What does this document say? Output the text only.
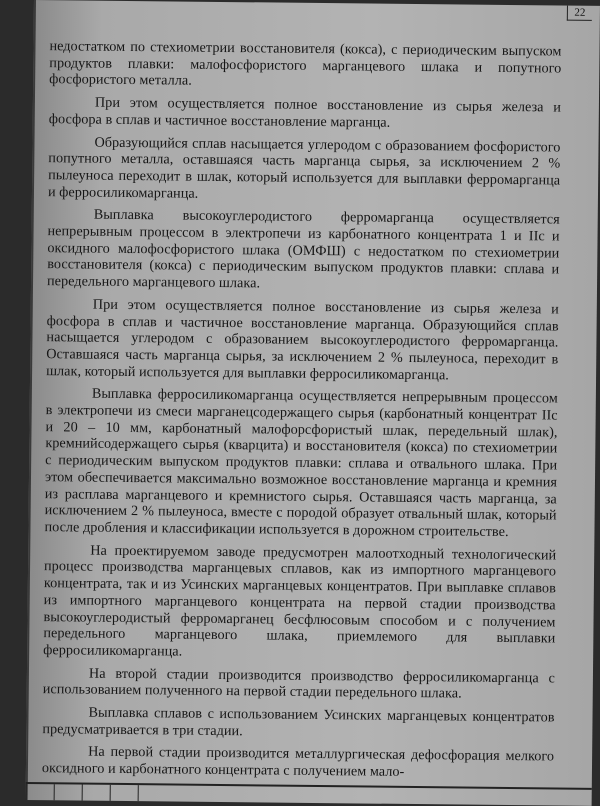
22

недостатком по стехиометрии восстановителя (кокса), с периодическим выпуском продуктов плавки: малофосфористого марганцевого шлака и попутного фосфористого металла.

При этом осуществляется полное восстановление из сырья железа и фосфора в сплав и частичное восстановление марганца.

Образующийся сплав насыщается углеродом с образованием фосфористого попутного металла, оставшаяся часть марганца сырья, за исключением 2 % пылеуноса переходит в шлак, который используется для выплавки ферромарганца и ферросиликомарганца.

Выплавка высокоуглеродистого ферромарганца осуществляется непрерывным процессом в электропечи из карбонатного концентрата 1 и IIс и оксидного малофосфористого шлака (ОМФШ) с недостатком по стехиометрии восстановителя (кокса) с периодическим выпуском продуктов плавки: сплава и передельного марганцевого шлака.

При этом осуществляется полное восстановление из сырья железа и фосфора в сплав и частичное восстановление марганца. Образующийся сплав насыщается углеродом с образованием высокоуглеродистого ферромарганца. Оставшаяся часть марганца сырья, за исключением 2 % пылеуноса, переходит в шлак, который используется для выплавки ферросиликомарганца.

Выплавка ферросиликомарганца осуществляется непрерывным процессом в электропечи из смеси марганецсодержащего сырья (карбонатный концентрат IIс и 20 – 10 мм, карбонатный малофорсфористый шлак, передельный шлак), кремнийсодержащего сырья (кварцита) и восстановителя (кокса) по стехиометрии с периодическим выпуском продуктов плавки: сплава и отвального шлака. При этом обеспечивается максимально возможное восстановление марганца и кремния из расплава марганцевого и кремнистого сырья. Оставшаяся часть марганца, за исключением 2 % пылеуноса, вместе с породой образует отвальный шлак, который после дробления и классификации используется в дорожном строительстве.

На проектируемом заводе предусмотрен малоотходный технологический процесс производства марганцевых сплавов, как из импортного марганцевого концентрата, так и из Усинских марганцевых концентратов. При выплавке сплавов из импортного марганцевого концентрата на первой стадии производства высокоуглеродистый ферромарганец бесфлюсовым способом и с получением передельного марганцевого шлака, приемлемого для выплавки ферросиликомарганца.

На второй стадии производится производство ферросиликомарганца с использованием полученного на первой стадии передельного шлака.

Выплавка сплавов с использованием Усинских марганцевых концентратов предусматривается в три стадии.

На первой стадии производится металлургическая дефосфорация мелкого оксидного и карбонатного концентрата с получением мало-
